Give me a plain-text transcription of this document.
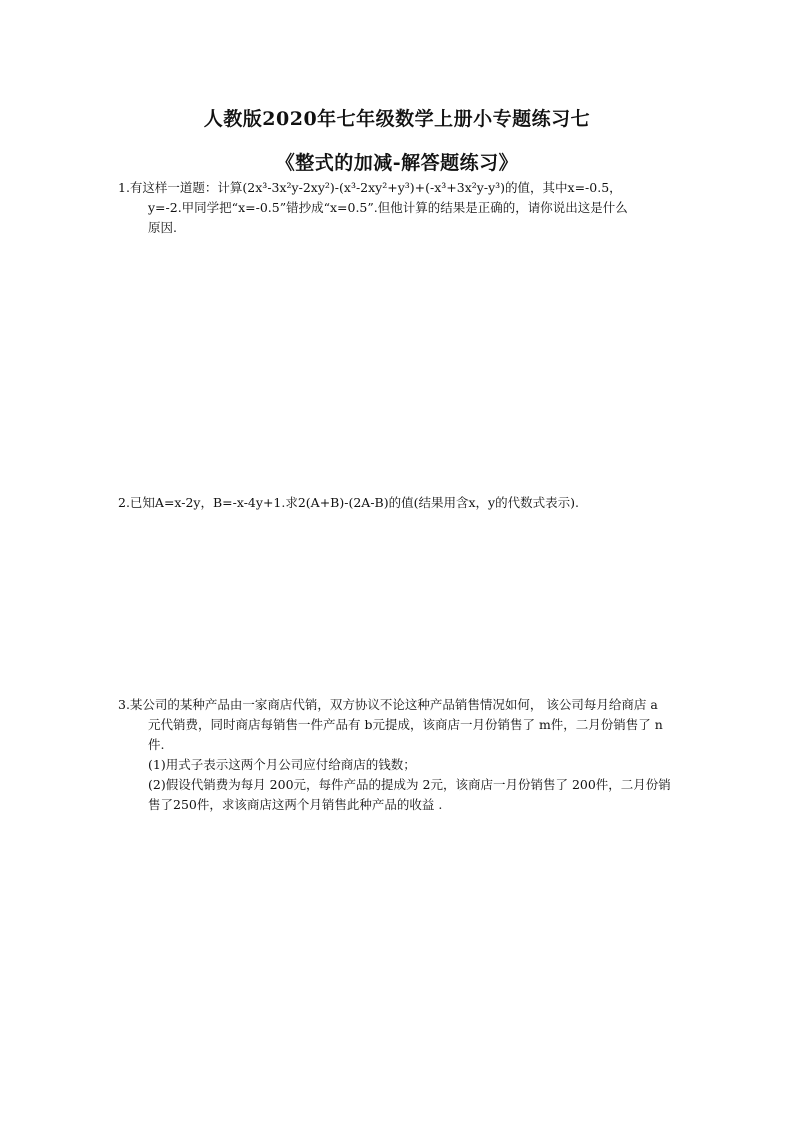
人教版2020年七年级数学上册小专题练习七
《整式的加减-解答题练习》
1.有这样一道题：计算(2x³-3x²y-2xy²)-(x³-2xy²+y³)+(-x³+3x²y-y³)的值，其中x=-0.5，
y=-2.甲同学把“x=-0.5”错抄成“x=0.5”.但他计算的结果是正确的，请你说出这是什么
原因.
2.已知A=x-2y，B=-x-4y+1.求2(A+B)-(2A-B)的值(结果用含x，y的代数式表示).
3.某公司的某种产品由一家商店代销，双方协议不论这种产品销售情况如何， 该公司每月给商店 a
元代销费，同时商店每销售一件产品有 b元提成，该商店一月份销售了 m件，二月份销售了 n
件.
(1)用式子表示这两个月公司应付给商店的钱数；
(2)假设代销费为每月 200元，每件产品的提成为 2元，该商店一月份销售了 200件，二月份销
售了250件，求该商店这两个月销售此种产品的收益 .
